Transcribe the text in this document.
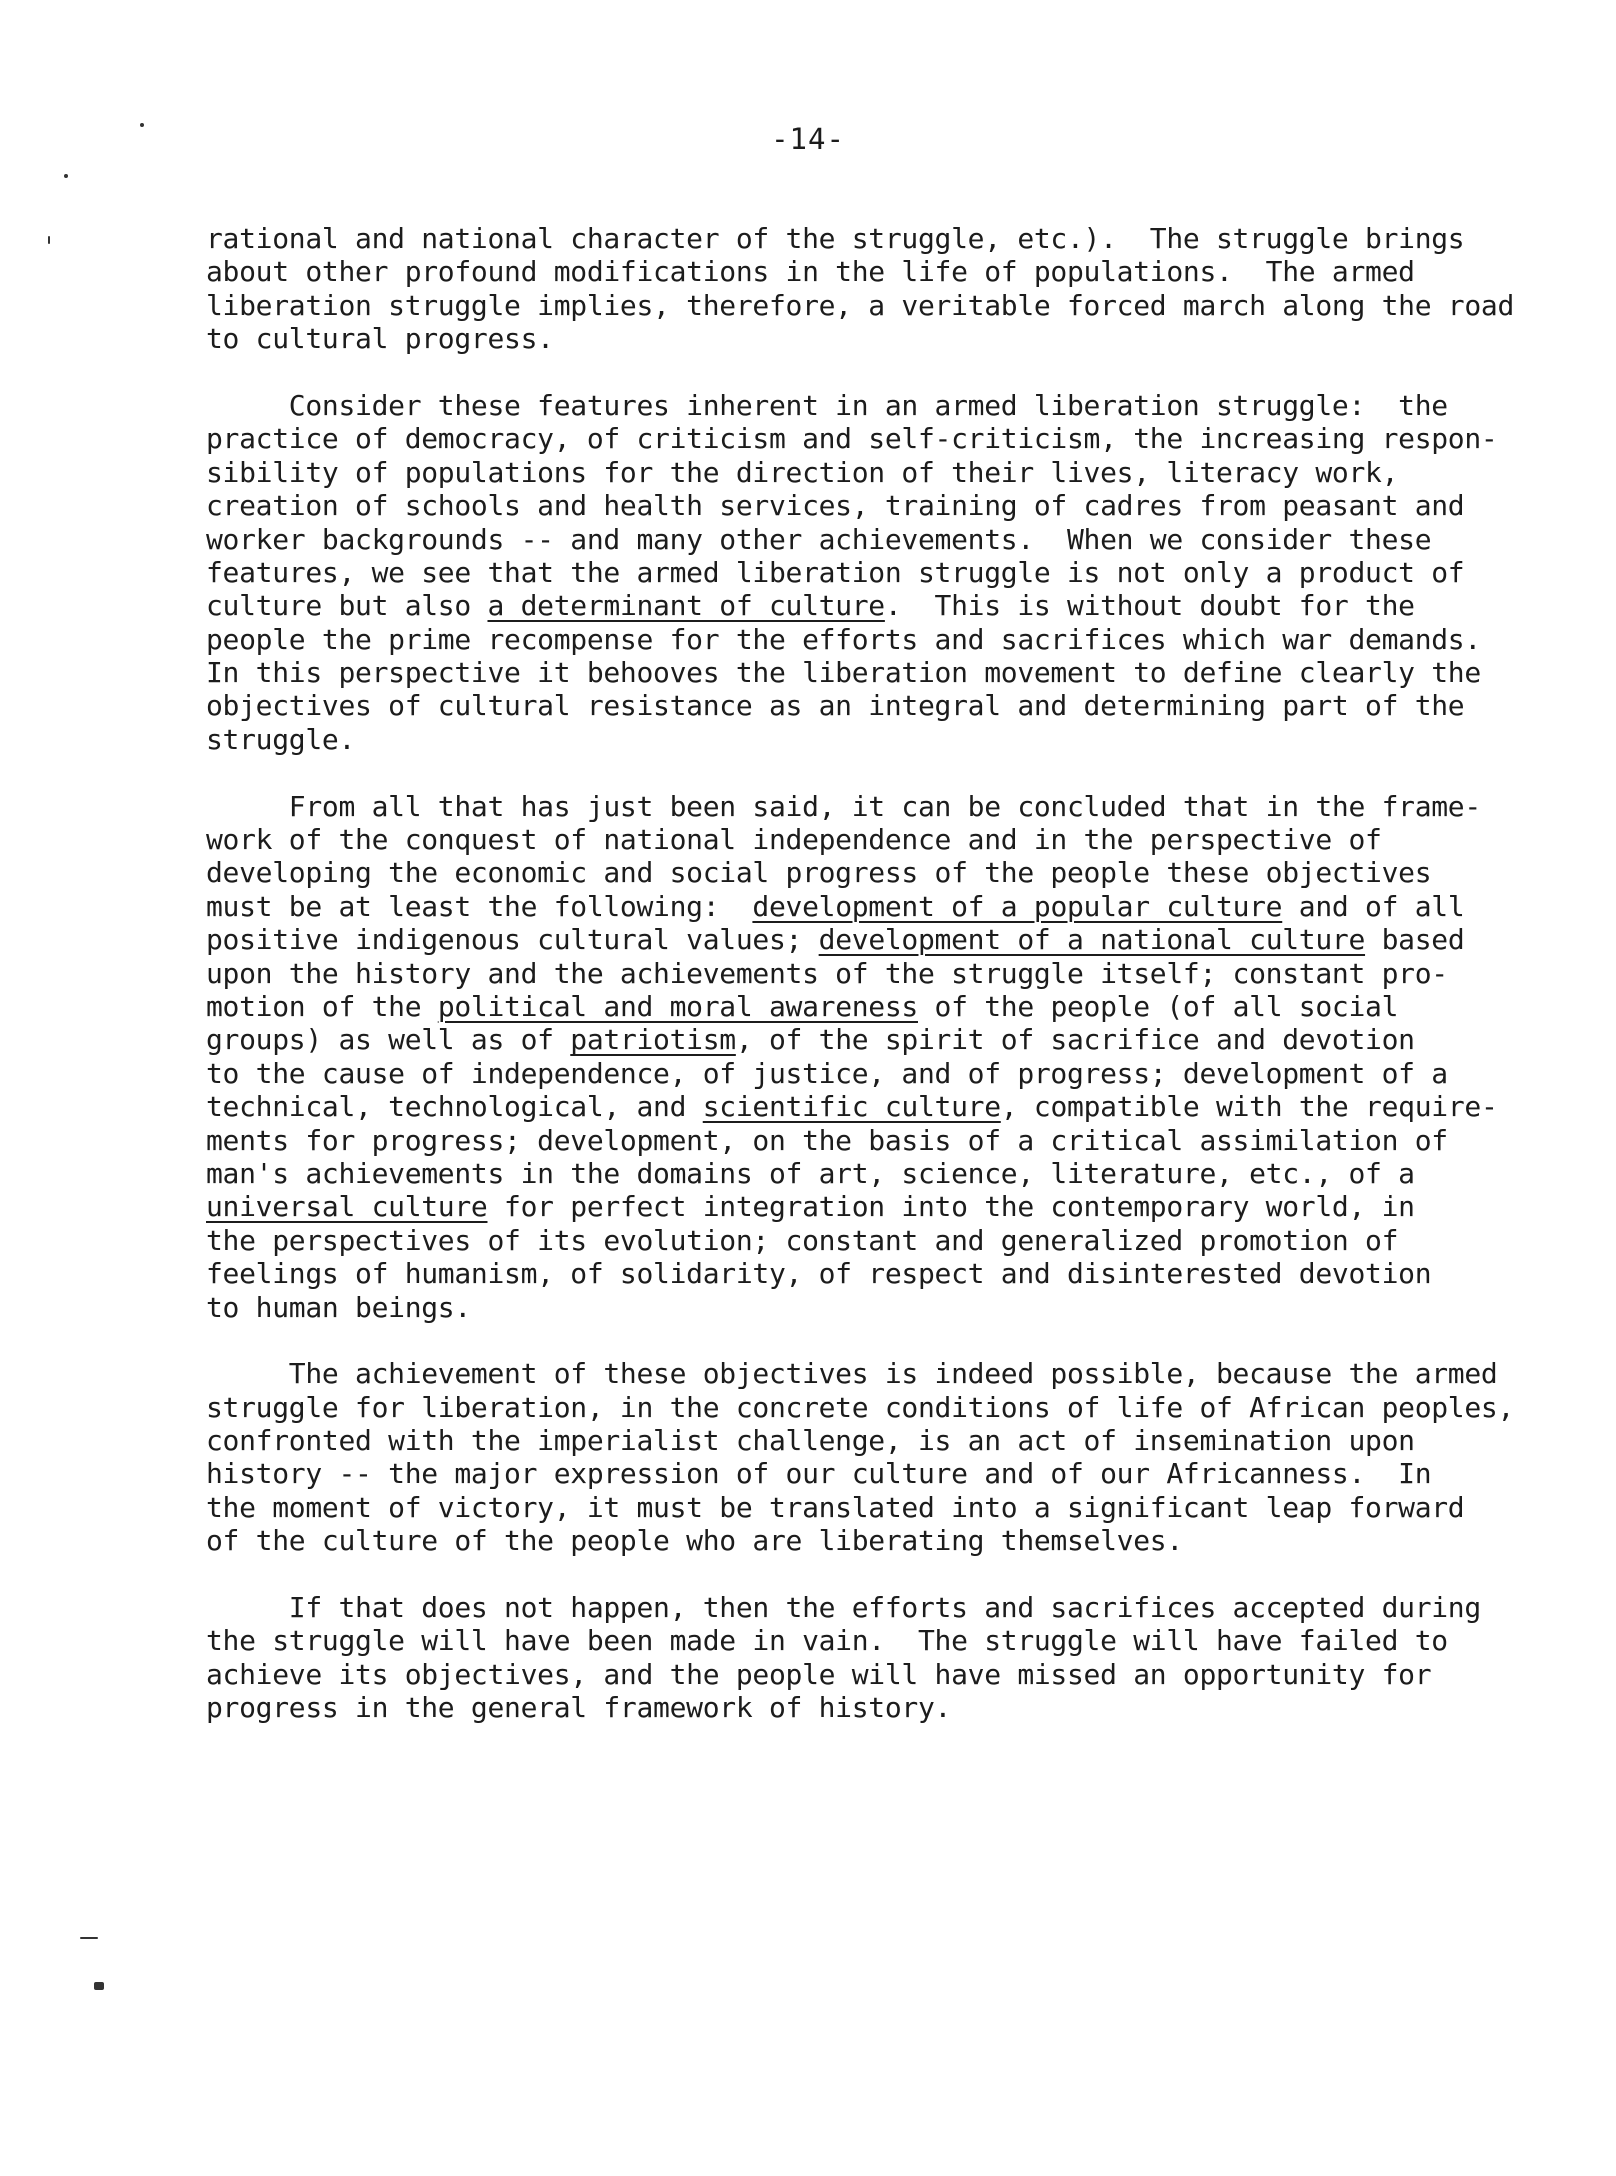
-14-
rational and national character of the struggle, etc.).  The struggle brings
about other profound modifications in the life of populations.  The armed
liberation struggle implies, therefore, a veritable forced march along the road
to cultural progress.
Consider these features inherent in an armed liberation struggle:  the
practice of democracy, of criticism and self-criticism, the increasing respon-
sibility of populations for the direction of their lives, literacy work,
creation of schools and health services, training of cadres from peasant and
worker backgrounds -- and many other achievements.  When we consider these
features, we see that the armed liberation struggle is not only a product of
culture but also a determinant of culture.  This is without doubt for the
people the prime recompense for the efforts and sacrifices which war demands.
In this perspective it behooves the liberation movement to define clearly the
objectives of cultural resistance as an integral and determining part of the
struggle.
From all that has just been said, it can be concluded that in the frame-
work of the conquest of national independence and in the perspective of
developing the economic and social progress of the people these objectives
must be at least the following:  development of a popular culture and of all
positive indigenous cultural values; development of a national culture based
upon the history and the achievements of the struggle itself; constant pro-
motion of the political and moral awareness of the people (of all social
groups) as well as of patriotism, of the spirit of sacrifice and devotion
to the cause of independence, of justice, and of progress; development of a
technical, technological, and scientific culture, compatible with the require-
ments for progress; development, on the basis of a critical assimilation of
man's achievements in the domains of art, science, literature, etc., of a
universal culture for perfect integration into the contemporary world, in
the perspectives of its evolution; constant and generalized promotion of
feelings of humanism, of solidarity, of respect and disinterested devotion
to human beings.
The achievement of these objectives is indeed possible, because the armed
struggle for liberation, in the concrete conditions of life of African peoples,
confronted with the imperialist challenge, is an act of insemination upon
history -- the major expression of our culture and of our Africanness.  In
the moment of victory, it must be translated into a significant leap forward
of the culture of the people who are liberating themselves.
If that does not happen, then the efforts and sacrifices accepted during
the struggle will have been made in vain.  The struggle will have failed to
achieve its objectives, and the people will have missed an opportunity for
progress in the general framework of history.
